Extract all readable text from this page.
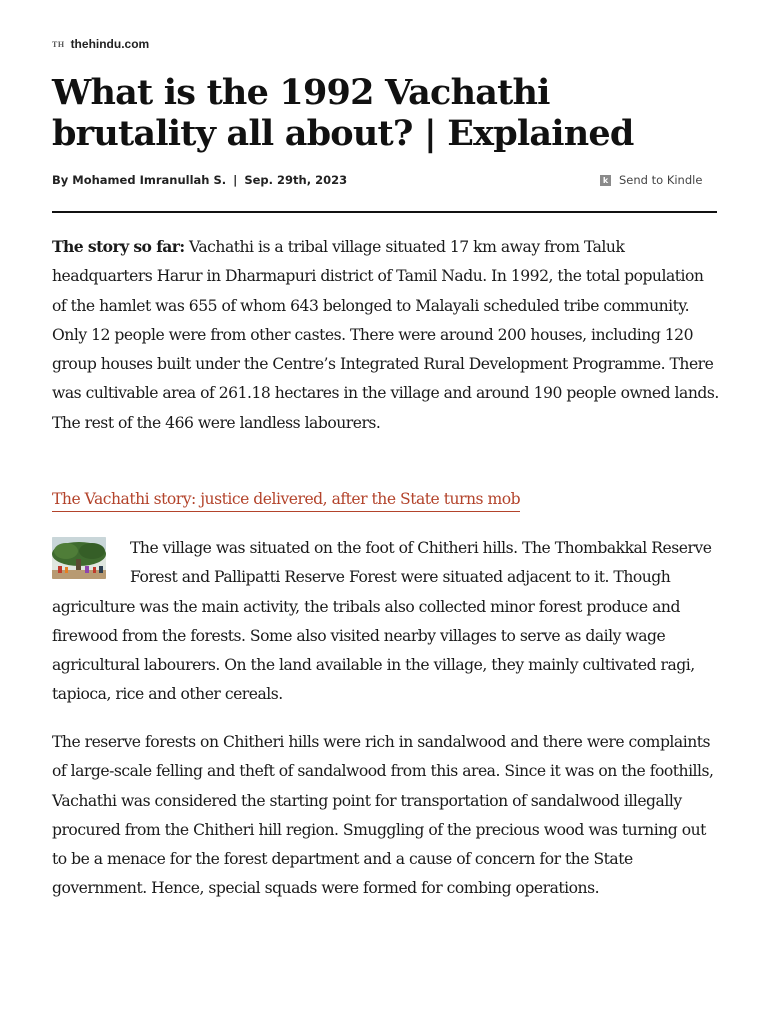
TH thehindu.com
What is the 1992 Vachathi brutality all about? | Explained
By Mohamed Imranullah S. | Sep. 29th, 2023	k Send to Kindle

The story so far: Vachathi is a tribal village situated 17 km away from Taluk headquarters Harur in Dharmapuri district of Tamil Nadu. In 1992, the total population of the hamlet was 655 of whom 643 belonged to Malayali scheduled tribe community. Only 12 people were from other castes. There were around 200 houses, including 120 group houses built under the Centre’s Integrated Rural Development Programme. There was cultivable area of 261.18 hectares in the village and around 190 people owned lands. The rest of the 466 were landless labourers.

The Vachathi story: justice delivered, after the State turns mob

The village was situated on the foot of Chitheri hills. The Thombakkal Reserve Forest and Pallipatti Reserve Forest were situated adjacent to it. Though agriculture was the main activity, the tribals also collected minor forest produce and firewood from the forests. Some also visited nearby villages to serve as daily wage agricultural labourers. On the land available in the village, they mainly cultivated ragi, tapioca, rice and other cereals.

The reserve forests on Chitheri hills were rich in sandalwood and there were complaints of large-scale felling and theft of sandalwood from this area. Since it was on the foothills, Vachathi was considered the starting point for transportation of sandalwood illegally procured from the Chitheri hill region. Smuggling of the precious wood was turning out to be a menace for the forest department and a cause of concern for the State government. Hence, special squads were formed for combing operations.
